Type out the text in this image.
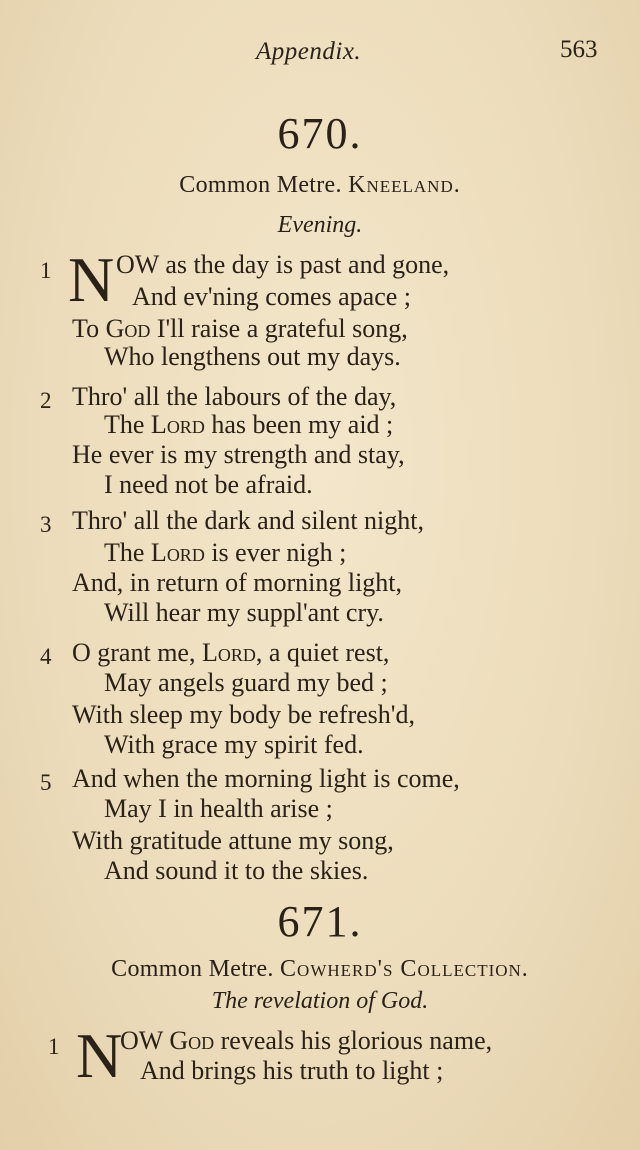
Appendix.	563
670.
Common Metre. Kneeland.
Evening.
1 N OW as the day is past and gone,
And ev'ning comes apace ;
To God I'll raise a grateful song,
Who lengthens out my days.
2 Thro' all the labours of the day,
The Lord has been my aid ;
He ever is my strength and stay,
I need not be afraid.
3 Thro' all the dark and silent night,
The Lord is ever nigh ;
And, in return of morning light,
Will hear my suppl'ant cry.
4 O grant me, Lord, a quiet rest,
May angels guard my bed ;
With sleep my body be refresh'd,
With grace my spirit fed.
5 And when the morning light is come,
May I in health arise ;
With gratitude attune my song,
And sound it to the skies.
671.
Common Metre. Cowherd's Collection.
The revelation of God.
1 N
OW God reveals his glorious name,
And brings his truth to light ;
